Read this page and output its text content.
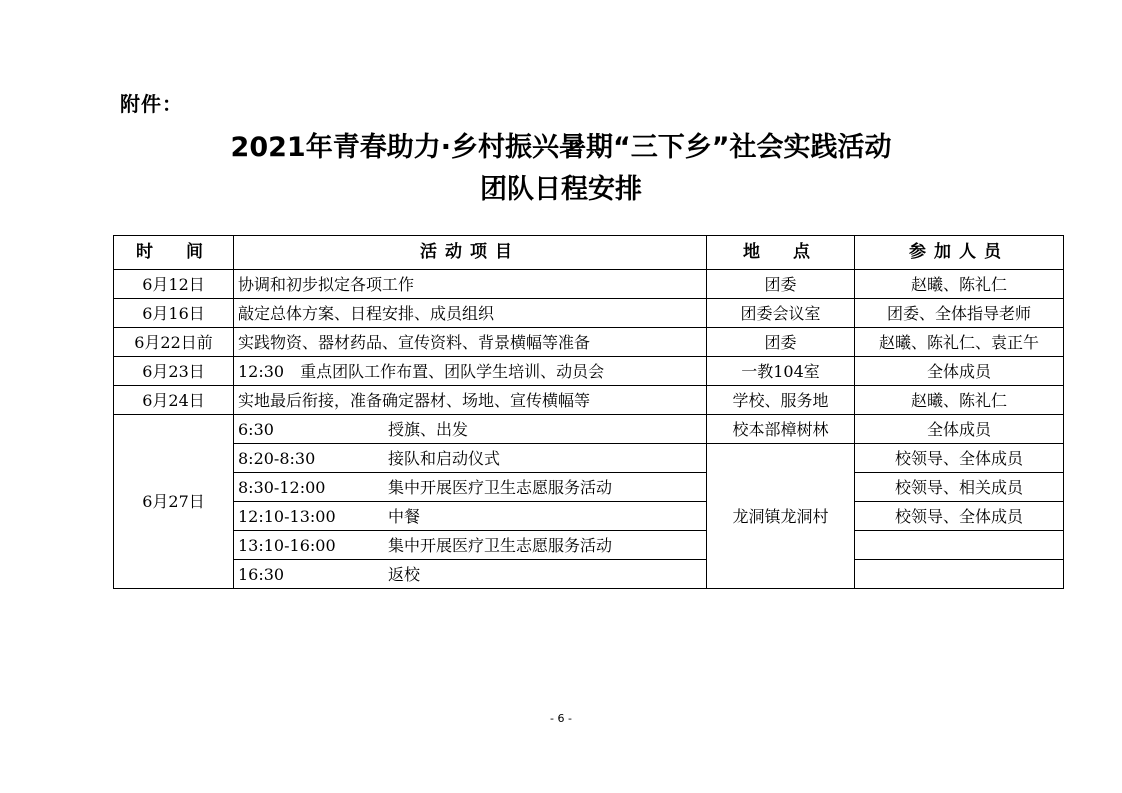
附件：
2021年青春助力·乡村振兴暑期“三下乡”社会实践活动
团队日程安排
时　间	活动项目	地　点	参加人员
6月12日	协调和初步拟定各项工作	团委	赵曦、陈礼仁
6月16日	敲定总体方案、日程安排、成员组织	团委会议室	团委、全体指导老师
6月22日前	实践物资、器材药品、宣传资料、背景横幅等准备	团委	赵曦、陈礼仁、袁正午
6月23日	12:30　重点团队工作布置、团队学生培训、动员会	一教104室	全体成员
6月24日	实地最后衔接，准备确定器材、场地、宣传横幅等	学校、服务地	赵曦、陈礼仁
6月27日	6:30 授旗、出发	校本部樟树林	全体成员
	8:20-8:30 接队和启动仪式	龙洞镇龙洞村	校领导、全体成员
	8:30-12:00 集中开展医疗卫生志愿服务活动		校领导、相关成员
	12:10-13:00 中餐		校领导、全体成员
	13:10-16:00 集中开展医疗卫生志愿服务活动		
	16:30 返校		
- 6 -
